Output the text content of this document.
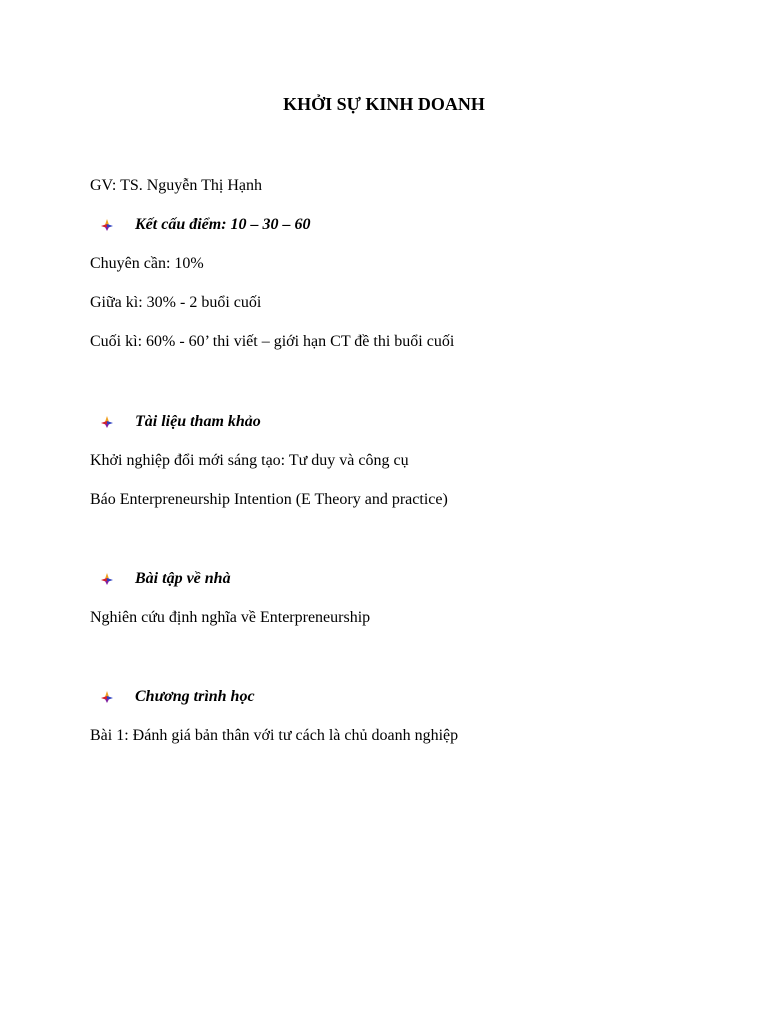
KHỞI SỰ KINH DOANH

GV: TS. Nguyễn Thị Hạnh

Kết cấu điểm: 10 – 30 – 60

Chuyên cần: 10%

Giữa kì: 30% - 2 buổi cuối

Cuối kì: 60% - 60’ thi viết – giới hạn CT đề thi buổi cuối

Tài liệu tham khảo

Khởi nghiệp đổi mới sáng tạo: Tư duy và công cụ

Báo Enterpreneurship Intention (E Theory and practice)

Bài tập về nhà

Nghiên cứu định nghĩa về Enterpreneurship

Chương trình học

Bài 1: Đánh giá bản thân với tư cách là chủ doanh nghiệp
